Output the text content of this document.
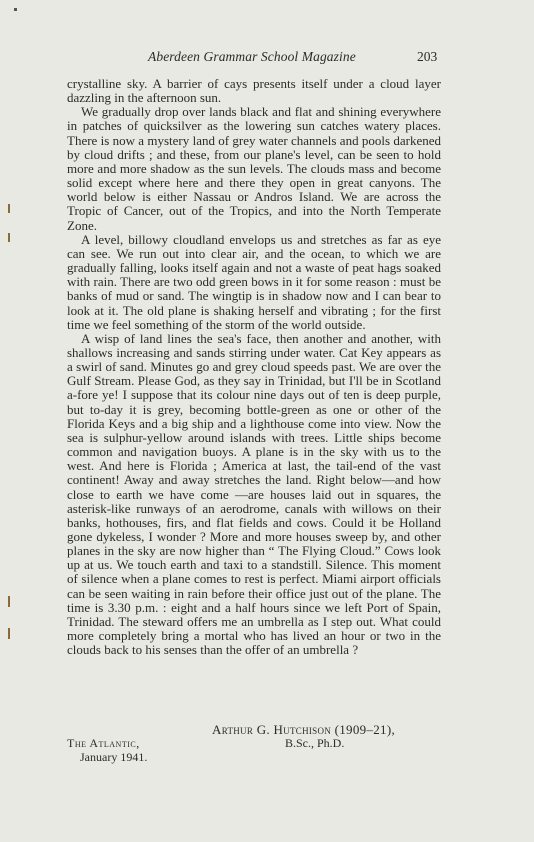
Aberdeen Grammar School Magazine	203

crystalline sky. A barrier of cays presents itself under a cloud layer dazzling in the afternoon sun.

We gradually drop over lands black and flat and shining everywhere in patches of quicksilver as the lowering sun catches watery places. There is now a mystery land of grey water channels and pools darkened by cloud drifts ; and these, from our plane's level, can be seen to hold more and more shadow as the sun levels. The clouds mass and become solid except where here and there they open in great canyons. The world below is either Nassau or Andros Island. We are across the Tropic of Cancer, out of the Tropics, and into the North Temperate Zone.

A level, billowy cloudland envelops us and stretches as far as eye can see. We run out into clear air, and the ocean, to which we are gradually falling, looks itself again and not a waste of peat hags soaked with rain. There are two odd green bows in it for some reason : must be banks of mud or sand. The wingtip is in shadow now and I can bear to look at it. The old plane is shaking herself and vibrating ; for the first time we feel something of the storm of the world outside.

A wisp of land lines the sea's face, then another and another, with shallows increasing and sands stirring under water. Cat Key appears as a swirl of sand. Minutes go and grey cloud speeds past. We are over the Gulf Stream. Please God, as they say in Trinidad, but I'll be in Scotland a-fore ye! I suppose that its colour nine days out of ten is deep purple, but to-day it is grey, becoming bottle-green as one or other of the Florida Keys and a big ship and a lighthouse come into view. Now the sea is sulphur-yellow around islands with trees. Little ships become common and navigation buoys. A plane is in the sky with us to the west. And here is Florida ; America at last, the tail-end of the vast continent! Away and away stretches the land. Right below—and how close to earth we have come —are houses laid out in squares, the asterisk-like runways of an aerodrome, canals with willows on their banks, hothouses, firs, and flat fields and cows. Could it be Holland gone dykeless, I wonder ? More and more houses sweep by, and other planes in the sky are now higher than “ The Flying Cloud.” Cows look up at us. We touch earth and taxi to a standstill. Silence. This moment of silence when a plane comes to rest is perfect. Miami airport officials can be seen waiting in rain before their office just out of the plane. The time is 3.30 p.m. : eight and a half hours since we left Port of Spain, Trinidad. The steward offers me an umbrella as I step out. What could more completely bring a mortal who has lived an hour or two in the clouds back to his senses than the offer of an umbrella ?

Arthur G. Hutchison (1909–21),
B.Sc., Ph.D.
The Atlantic,
January 1941.
